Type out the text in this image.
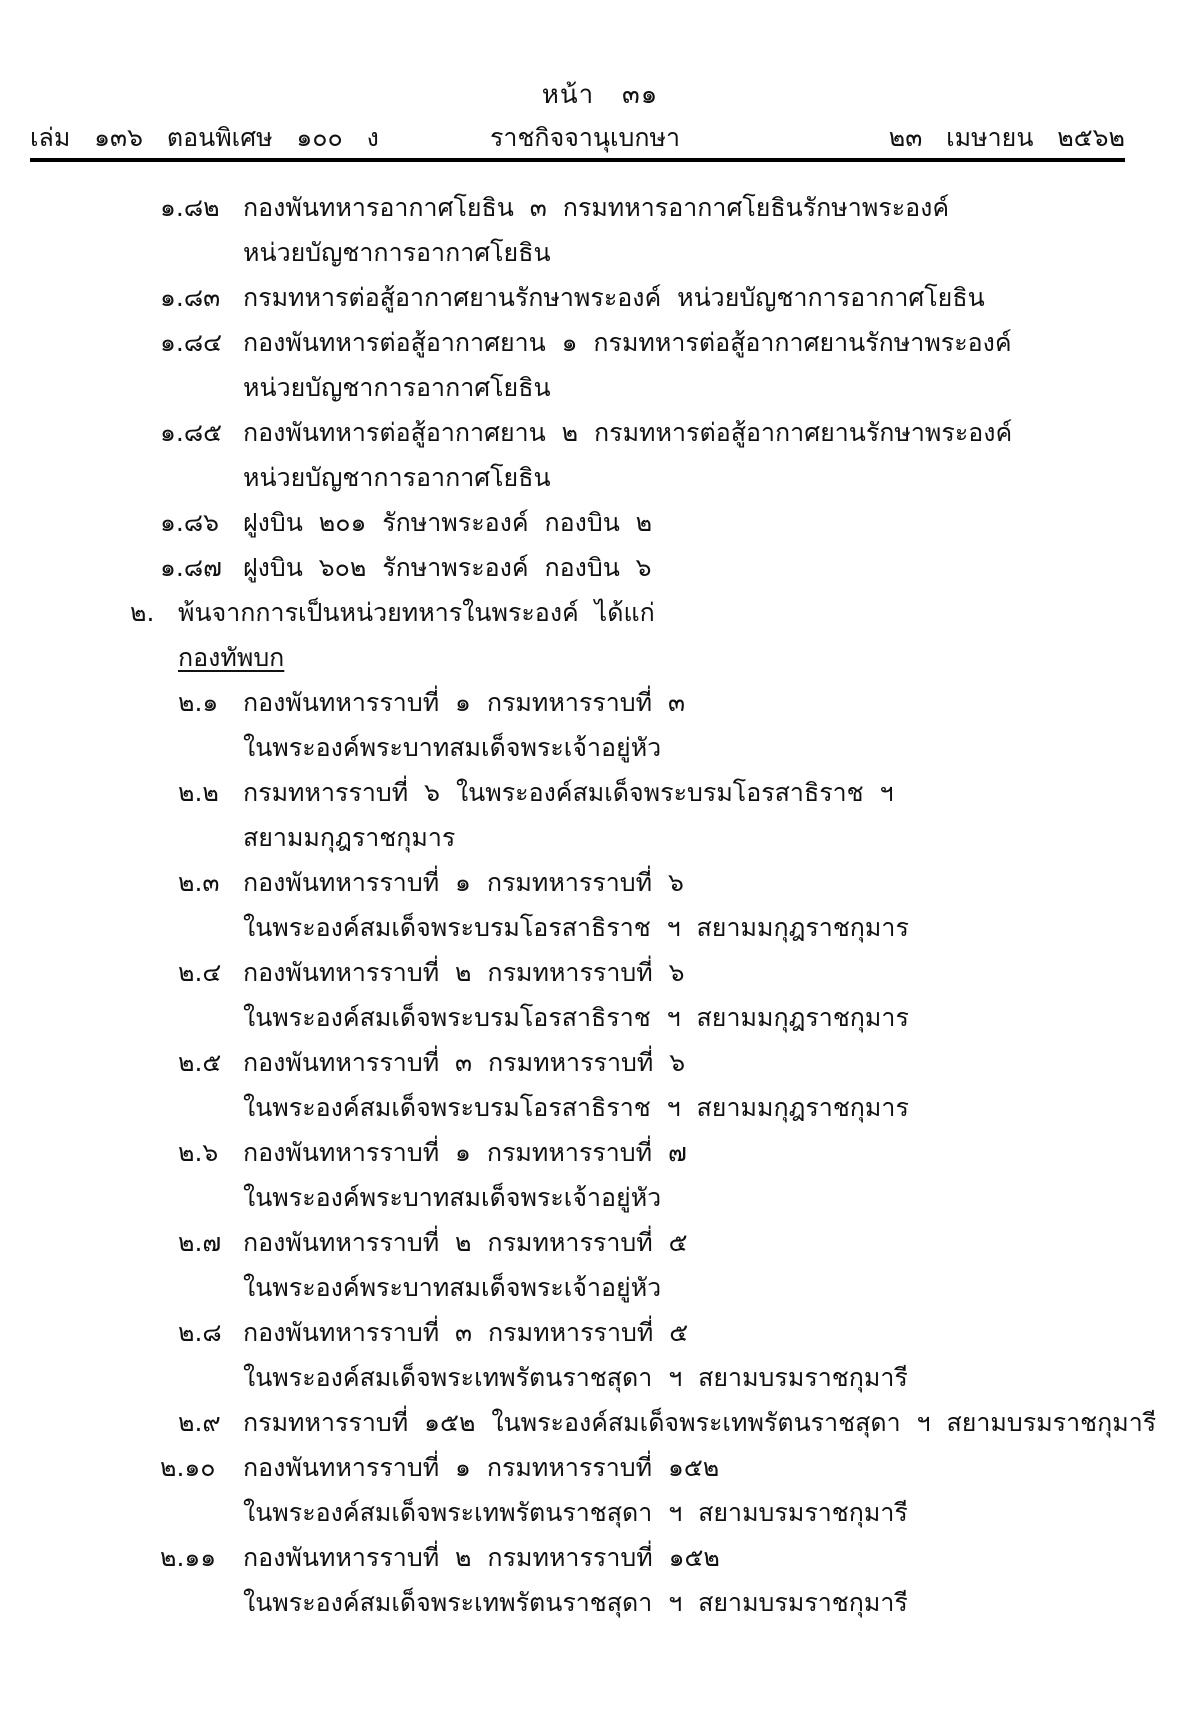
หน้า   ๓๑
เล่ม   ๑๓๖   ตอนพิเศษ   ๑๐๐   ง	ราชกิจจานุเบกษา	๒๓   เมษายน   ๒๕๖๒
๑.๘๒ กองพันทหารอากาศโยธิน  ๓  กรมทหารอากาศโยธินรักษาพระองค์
หน่วยบัญชาการอากาศโยธิน
๑.๘๓ กรมทหารต่อสู้อากาศยานรักษาพระองค์  หน่วยบัญชาการอากาศโยธิน
๑.๘๔ กองพันทหารต่อสู้อากาศยาน  ๑  กรมทหารต่อสู้อากาศยานรักษาพระองค์
หน่วยบัญชาการอากาศโยธิน
๑.๘๕ กองพันทหารต่อสู้อากาศยาน  ๒  กรมทหารต่อสู้อากาศยานรักษาพระองค์
หน่วยบัญชาการอากาศโยธิน
๑.๘๖ ฝูงบิน  ๒๐๑  รักษาพระองค์  กองบิน  ๒
๑.๘๗ ฝูงบิน  ๖๐๒  รักษาพระองค์  กองบิน  ๖
๒. พ้นจากการเป็นหน่วยทหารในพระองค์  ได้แก่
กองทัพบก
๒.๑ กองพันทหารราบที่  ๑  กรมทหารราบที่  ๓
ในพระองค์พระบาทสมเด็จพระเจ้าอยู่หัว
๒.๒ กรมทหารราบที่  ๖  ในพระองค์สมเด็จพระบรมโอรสาธิราช  ฯ
สยามมกุฎราชกุมาร
๒.๓ กองพันทหารราบที่  ๑  กรมทหารราบที่  ๖
ในพระองค์สมเด็จพระบรมโอรสาธิราช  ฯ  สยามมกุฎราชกุมาร
๒.๔ กองพันทหารราบที่  ๒  กรมทหารราบที่  ๖
ในพระองค์สมเด็จพระบรมโอรสาธิราช  ฯ  สยามมกุฎราชกุมาร
๒.๕ กองพันทหารราบที่  ๓  กรมทหารราบที่  ๖
ในพระองค์สมเด็จพระบรมโอรสาธิราช  ฯ  สยามมกุฎราชกุมาร
๒.๖ กองพันทหารราบที่  ๑  กรมทหารราบที่  ๗
ในพระองค์พระบาทสมเด็จพระเจ้าอยู่หัว
๒.๗ กองพันทหารราบที่  ๒  กรมทหารราบที่  ๕
ในพระองค์พระบาทสมเด็จพระเจ้าอยู่หัว
๒.๘ กองพันทหารราบที่  ๓  กรมทหารราบที่  ๕
ในพระองค์สมเด็จพระเทพรัตนราชสุดา  ฯ  สยามบรมราชกุมารี
๒.๙ กรมทหารราบที่  ๑๕๒  ในพระองค์สมเด็จพระเทพรัตนราชสุดา  ฯ  สยามบรมราชกุมารี
๒.๑๐ กองพันทหารราบที่  ๑  กรมทหารราบที่  ๑๕๒
ในพระองค์สมเด็จพระเทพรัตนราชสุดา  ฯ  สยามบรมราชกุมารี
๒.๑๑ กองพันทหารราบที่  ๒  กรมทหารราบที่  ๑๕๒
ในพระองค์สมเด็จพระเทพรัตนราชสุดา  ฯ  สยามบรมราชกุมารี
